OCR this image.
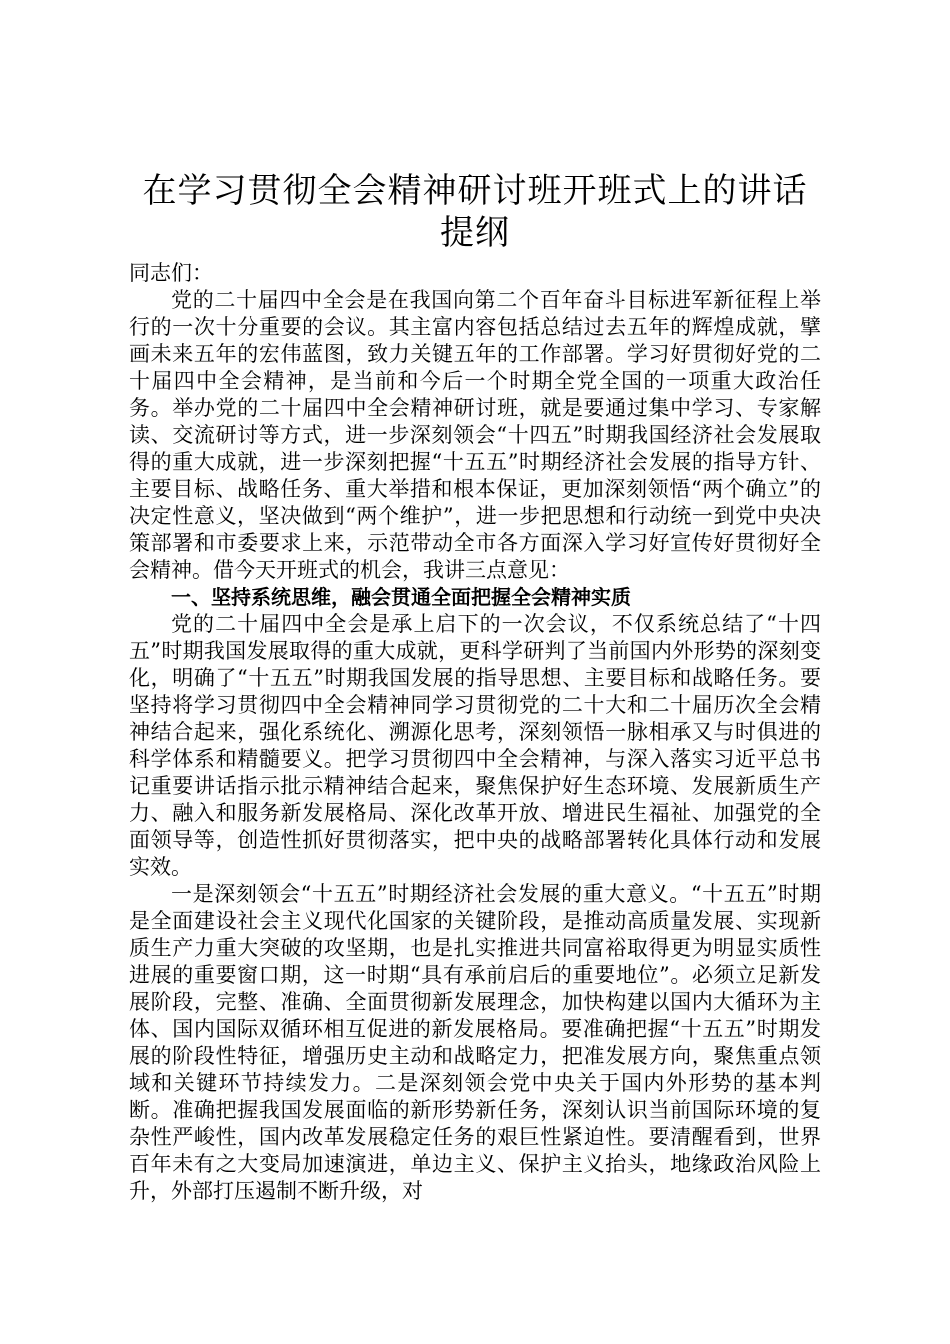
在学习贯彻全会精神研讨班开班式上的讲话提纲

同志们：

党的二十届四中全会是在我国向第二个百年奋斗目标进军新征程上举行的一次十分重要的会议。其主富内容包括总结过去五年的辉煌成就，擘画未来五年的宏伟蓝图，致力关键五年的工作部署。学习好贯彻好党的二十届四中全会精神，是当前和今后一个时期全党全国的一项重大政治任务。举办党的二十届四中全会精神研讨班，就是要通过集中学习、专家解读、交流研讨等方式，进一步深刻领会“十四五”时期我国经济社会发展取得的重大成就，进一步深刻把握“十五五”时期经济社会发展的指导方针、主要目标、战略任务、重大举措和根本保证，更加深刻领悟“两个确立”的决定性意义，坚决做到“两个维护”，进一步把思想和行动统一到党中央决策部署和市委要求上来，示范带动全市各方面深入学习好宣传好贯彻好全会精神。借今天开班式的机会，我讲三点意见：

一、坚持系统思维，融会贯通全面把握全会精神实质

党的二十届四中全会是承上启下的一次会议，不仅系统总结了“十四五”时期我国发展取得的重大成就，更科学研判了当前国内外形势的深刻变化，明确了“十五五”时期我国发展的指导思想、主要目标和战略任务。要坚持将学习贯彻四中全会精神同学习贯彻党的二十大和二十届历次全会精神结合起来，强化系统化、溯源化思考，深刻领悟一脉相承又与时俱进的科学体系和精髓要义。把学习贯彻四中全会精神，与深入落实习近平总书记重要讲话指示批示精神结合起来，聚焦保护好生态环境、发展新质生产力、融入和服务新发展格局、深化改革开放、增进民生福祉、加强党的全面领导等，创造性抓好贯彻落实，把中央的战略部署转化具体行动和发展实效。

一是深刻领会“十五五”时期经济社会发展的重大意义。“十五五”时期是全面建设社会主义现代化国家的关键阶段，是推动高质量发展、实现新质生产力重大突破的攻坚期，也是扎实推进共同富裕取得更为明显实质性进展的重要窗口期，这一时期“具有承前启后的重要地位”。必须立足新发展阶段，完整、准确、全面贯彻新发展理念，加快构建以国内大循环为主体、国内国际双循环相互促进的新发展格局。要准确把握“十五五”时期发展的阶段性特征，增强历史主动和战略定力，把准发展方向，聚焦重点领域和关键环节持续发力。二是深刻领会党中央关于国内外形势的基本判断。准确把握我国发展面临的新形势新任务，深刻认识当前国际环境的复杂性严峻性，国内改革发展稳定任务的艰巨性紧迫性。要清醒看到，世界百年未有之大变局加速演进，单边主义、保护主义抬头，地缘政治风险上升，外部打压遏制不断升级，对
